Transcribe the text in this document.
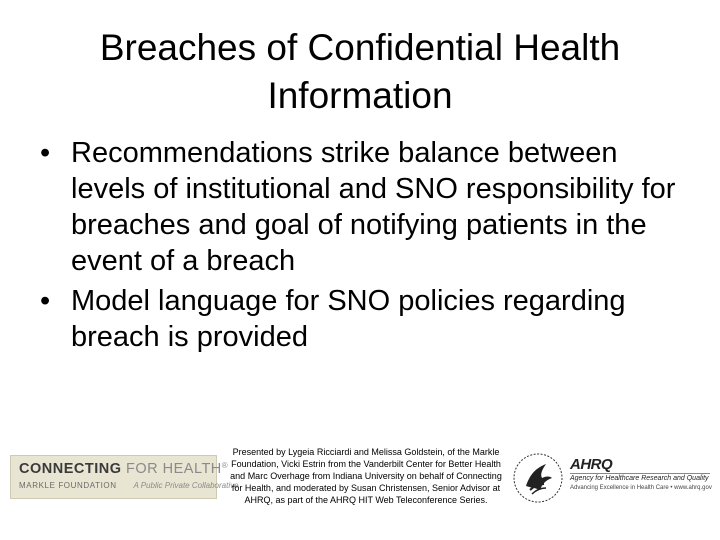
Breaches of Confidential Health
Information
• Recommendations strike balance between levels of institutional and SNO responsibility for breaches and goal of notifying patients in the event of a breach
• Model language for SNO policies regarding breach is provided
CONNECTING FOR HEALTH®
MARKLE FOUNDATION A Public Private Collaborative
Presented by Lygeia Ricciardi and Melissa Goldstein, of the Markle Foundation, Vicki Estrin from the Vanderbilt Center for Better Health and Marc Overhage from Indiana University on behalf of Connecting for Health, and moderated by Susan Christensen, Senior Advisor at AHRQ, as part of the AHRQ HIT Web Teleconference Series.
AHRQ
Agency for Healthcare Research and Quality
Advancing Excellence in Health Care • www.ahrq.gov
